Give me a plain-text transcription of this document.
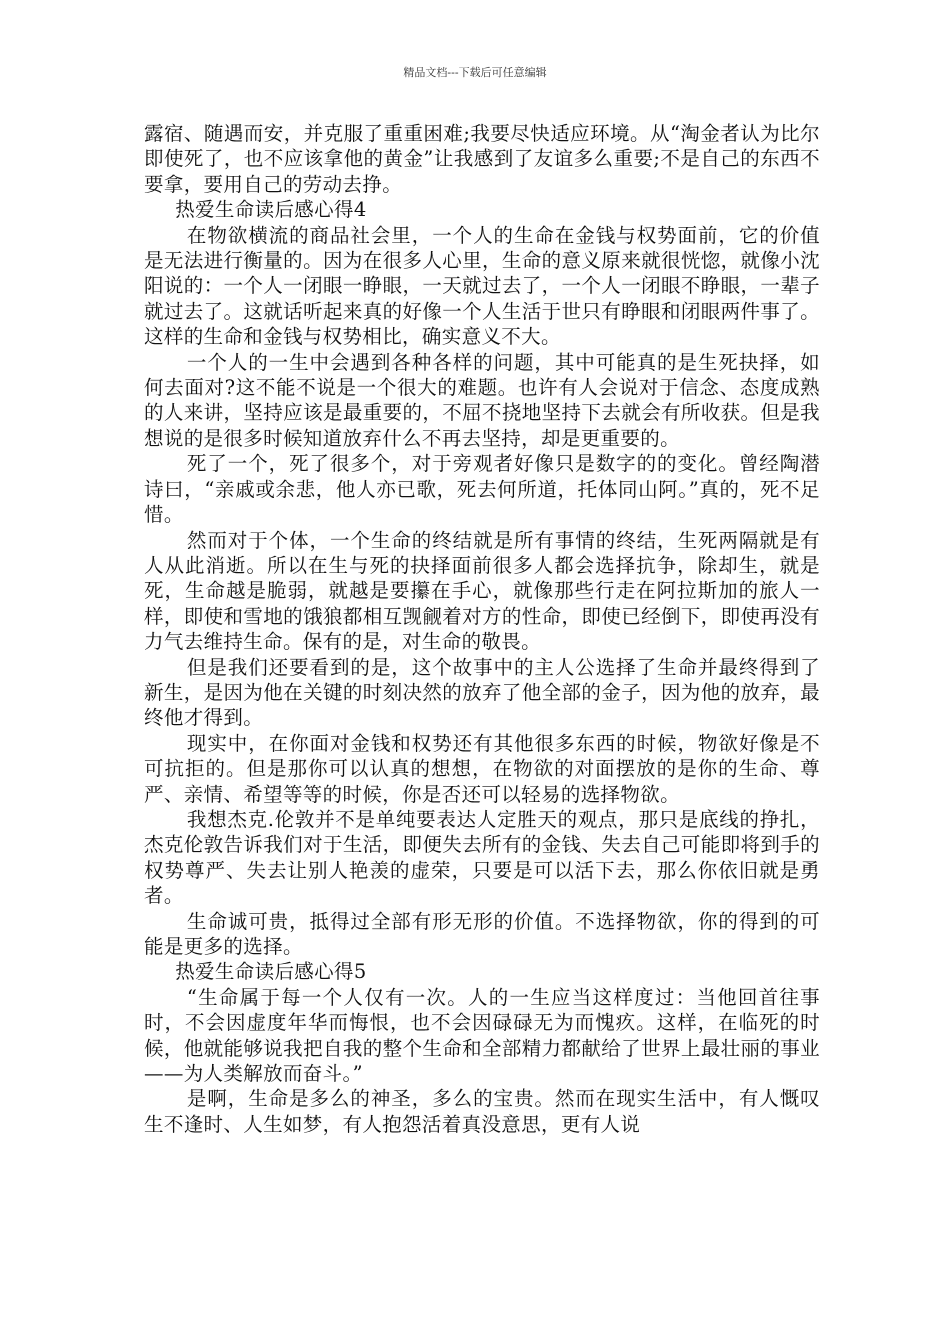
精品文档---下载后可任意编辑

露宿、随遇而安，并克服了重重困难;我要尽快适应环境。从“淘金者认为比尔即使死了，也不应该拿他的黄金”让我感到了友谊多么重要;不是自己的东西不要拿，要用自己的劳动去挣。

热爱生命读后感心得4

在物欲横流的商品社会里，一个人的生命在金钱与权势面前，它的价值是无法进行衡量的。因为在很多人心里，生命的意义原来就很恍惚，就像小沈阳说的：一个人一闭眼一睁眼，一天就过去了，一个人一闭眼不睁眼，一辈子就过去了。这就话听起来真的好像一个人生活于世只有睁眼和闭眼两件事了。这样的生命和金钱与权势相比，确实意义不大。

一个人的一生中会遇到各种各样的问题，其中可能真的是生死抉择，如何去面对?这不能不说是一个很大的难题。也许有人会说对于信念、态度成熟的人来讲，坚持应该是最重要的，不屈不挠地坚持下去就会有所收获。但是我想说的是很多时候知道放弃什么不再去坚持，却是更重要的。

死了一个，死了很多个，对于旁观者好像只是数字的的变化。曾经陶潜诗曰，“亲戚或余悲，他人亦已歌，死去何所道，托体同山阿。”真的，死不足惜。

然而对于个体，一个生命的终结就是所有事情的终结，生死两隔就是有人从此消逝。所以在生与死的抉择面前很多人都会选择抗争，除却生，就是死，生命越是脆弱，就越是要攥在手心，就像那些行走在阿拉斯加的旅人一样，即使和雪地的饿狼都相互觊觎着对方的性命，即使已经倒下，即使再没有力气去维持生命。保有的是，对生命的敬畏。

但是我们还要看到的是，这个故事中的主人公选择了生命并最终得到了新生，是因为他在关键的时刻决然的放弃了他全部的金子，因为他的放弃，最终他才得到。

现实中，在你面对金钱和权势还有其他很多东西的时候，物欲好像是不可抗拒的。但是那你可以认真的想想，在物欲的对面摆放的是你的生命、尊严、亲情、希望等等的时候，你是否还可以轻易的选择物欲。

我想杰克.伦敦并不是单纯要表达人定胜天的观点，那只是底线的挣扎，杰克伦敦告诉我们对于生活，即便失去所有的金钱、失去自己可能即将到手的权势尊严、失去让别人艳羡的虚荣，只要是可以活下去，那么你依旧就是勇者。

生命诚可贵，抵得过全部有形无形的价值。不选择物欲，你的得到的可能是更多的选择。

热爱生命读后感心得5

“生命属于每一个人仅有一次。人的一生应当这样度过：当他回首往事时，不会因虚度年华而悔恨，也不会因碌碌无为而愧疚。这样，在临死的时候，他就能够说我把自我的整个生命和全部精力都献给了世界上最壮丽的事业——为人类解放而奋斗。”

是啊，生命是多么的神圣，多么的宝贵。然而在现实生活中，有人慨叹生不逢时、人生如梦，有人抱怨活着真没意思，更有人说
